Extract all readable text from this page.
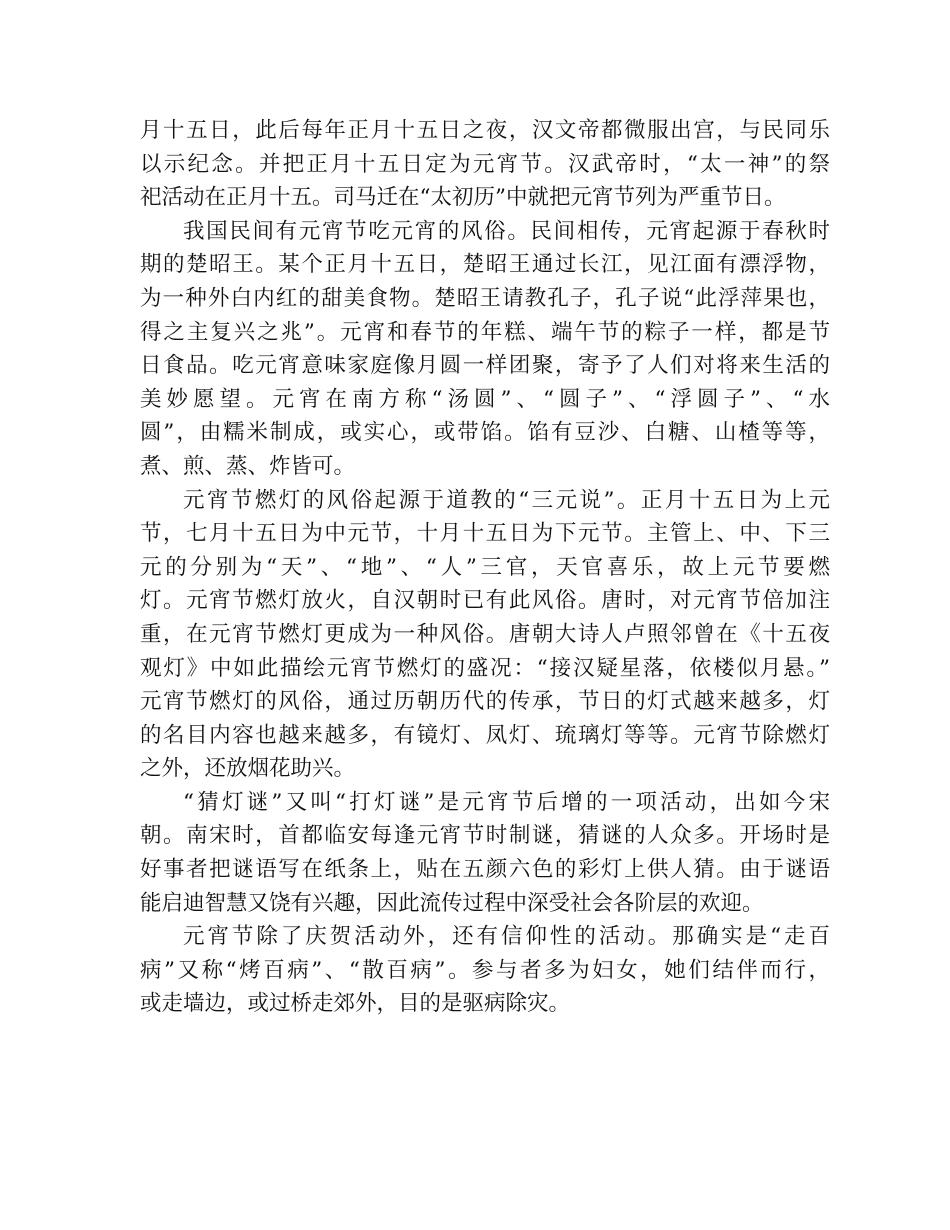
月十五日，此后每年正月十五日之夜，汉文帝都微服出宫，与民同乐
以示纪念。并把正月十五日定为元宵节。汉武帝时，“太一神”的祭
祀活动在正月十五。司马迁在“太初历”中就把元宵节列为严重节日。
我国民间有元宵节吃元宵的风俗。民间相传，元宵起源于春秋时
期的楚昭王。某个正月十五日，楚昭王通过长江，见江面有漂浮物，
为一种外白内红的甜美食物。楚昭王请教孔子，孔子说“此浮萍果也，
得之主复兴之兆”。元宵和春节的年糕、端午节的粽子一样，都是节
日食品。吃元宵意味家庭像月圆一样团聚，寄予了人们对将来生活的
美妙愿望。元宵在南方称“汤圆”、“圆子”、“浮圆子”、“水
圆”，由糯米制成，或实心，或带馅。馅有豆沙、白糖、山楂等等，
煮、煎、蒸、炸皆可。
元宵节燃灯的风俗起源于道教的“三元说”。正月十五日为上元
节，七月十五日为中元节，十月十五日为下元节。主管上、中、下三
元的分别为“天”、“地”、“人”三官，天官喜乐，故上元节要燃
灯。元宵节燃灯放火，自汉朝时已有此风俗。唐时，对元宵节倍加注
重，在元宵节燃灯更成为一种风俗。唐朝大诗人卢照邻曾在《十五夜
观灯》中如此描绘元宵节燃灯的盛况：“接汉疑星落，依楼似月悬。”
元宵节燃灯的风俗，通过历朝历代的传承，节日的灯式越来越多，灯
的名目内容也越来越多，有镜灯、凤灯、琉璃灯等等。元宵节除燃灯
之外，还放烟花助兴。
“猜灯谜”又叫“打灯谜”是元宵节后增的一项活动，出如今宋
朝。南宋时，首都临安每逢元宵节时制谜，猜谜的人众多。开场时是
好事者把谜语写在纸条上，贴在五颜六色的彩灯上供人猜。由于谜语
能启迪智慧又饶有兴趣，因此流传过程中深受社会各阶层的欢迎。
元宵节除了庆贺活动外，还有信仰性的活动。那确实是“走百
病”又称“烤百病”、“散百病”。参与者多为妇女，她们结伴而行，
或走墙边，或过桥走郊外，目的是驱病除灾。
